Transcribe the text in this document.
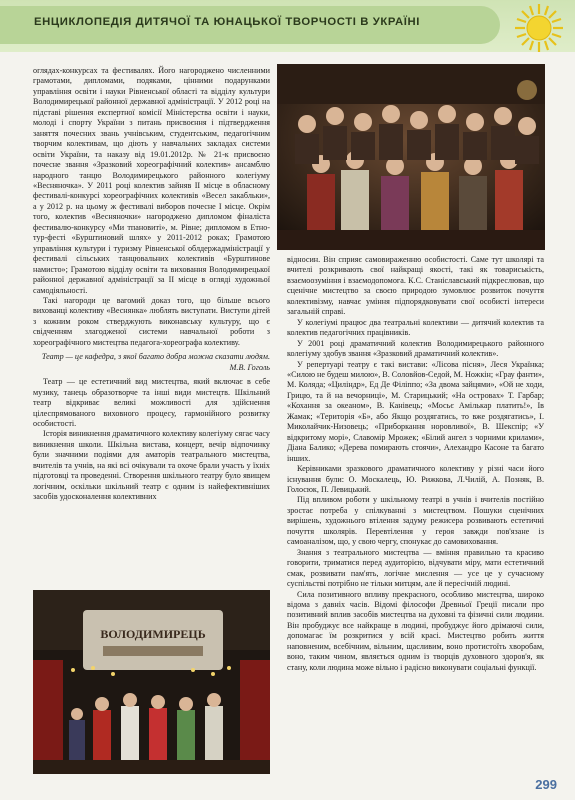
ЕНЦИКЛОПЕДІЯ ДИТЯЧОЇ ТА ЮНАЦЬКОЇ ТВОРЧОСТІ В УКРАЇНІ

оглядах-конкурсах та фестивалях. Його нагороджено численними грамотами, дипломами, подяками, цінними подарунками управління освіти і науки Рівненської області та відділу культури Володимирецької районної державної адміністрації. У 2012 році на підставі рішення експертної комісії Міністерства освіти і науки, молоді і спорту України з питань присвоєння і підтвердження заняття почесних звань учнівським, студентським, педагогічним творчим колективам, що діють у навчальних закладах системи освіти України, та наказу від 19.01.2012р. № 21-к присвоєно почесне звання «Зразковий хореографічний колектив» ансамблю народного танцю Володимирецького районного колегіуму «Весняночка». У 2011 році колектив зайняв ІІ місце в обласному фестивалі-конкурсі хореографічних колективів «Весел закабльки», а у 2012 р. на цьому ж фестивалі виборов почесне І місце. Окрім того, колектив «Весняночки» нагороджено дипломом фіналіста фестивалю-конкурсу «Ми тпановиті», м. Рівне; дипломом в Етно-тур-фесті «Бурштиновий шлях» у 2011-2012 роках; Грамотою управління культури і туризму Рівненської облдержадміністрації у фестивалі сільських танцювальних колективів «Бурштинове намисто»; Грамотою відділу освіти та виховання Володимирецької районної державної адміністрації за ІІ місце в огляді художньої самодіяльності.

Такі нагороди це вагомий доказ того, що більше всього вихованці колективу «Веснянка» люблять виступати. Виступи дітей з кожним роком стверджують виконавську культуру, що є свідченням злагодженої системи навчальної роботи з хореографічного мистецтва педагога-хореографа колективу.

Театр — це кафедра, з якої багато добра можна сказати людям.
М.В. Гоголь

Театр — це естетичний вид мистецтва, який включає в себе музику, танець образотворче та інші види мистецтв. Шкільний театр відкриває великі можливості для здійснення цілеспрямованого виховного процесу, гармонійного розвитку особистості.

Історія виникнення драматичного колективу колегіуму сягає часу виникнення школи. Шкільна вистава, концерт, вечір відпочинку були значними подіями для аматорів театрального мистецтва, вчителів та учнів, на які всі очікували та охоче брали участь у їхніх підготовці та проведенні. Створення шкільного театру було явищем логічним, оскільки шкільний театр є одним із найефективніших засобів удосконалення колективних

відносин. Він сприяє самовираженню особистості. Саме тут школярі та вчителі розкривають свої найкращі якості, такі як товариськість, взаємоозуміння і взаємодопомога. К.С. Станіславський підкреслював, що сценічне мистецтво за своєю природою зумовлює розвиток почуття колективізму, навчає уміння підпорядковувати свої особисті інтереси загальній справі.

У колегіумі працює два театральні колективи — дитячий колектив та колектив педагогічних працівників.

У 2001 році драматичний колектив Володимирецького районного колегіуму здобув звання «Зразковий драматичний колектив».

У репертуарі театру є такі вистави: «Лісова пісня», Леся Українка; «Силою не будеш милою», В. Соловйов-Седой, М. Ножкін; «Грау фанти», М. Коляда; «Циліндр», Ед Де Філіппо; «За двома зайцями», «Ой не ходи, Грицю, та й на вечорниці», М. Старицький; «На островах» Т. Гарбар; «Кохання за океаном», В. Канівець; «Мосьє Амількар платить!», Ів Жамак; «Територія «Б», або Якщо роздягатись, то вже роздягатись», І. Миколайчик-Низовець; «Приборкання норовливої», В. Шекспір; «У відкритому морі», Славомір Мрожек; «Білий ангел з чорними крилами», Діана Балико; «Дерева помирають стоячи», Алехандро Касоне та багато інших.

Керівниками зразкового драматичного колективу у різні часи його існування були: О. Москалець, Ю. Рижкова, Л.Чилій, А. Позняк, В. Голосюк, П. Левицький.

Під впливом роботи у шкільному театрі в учнів і вчителів постійно зростає потреба у спілкуванні з мистецтвом. Пошуки сценічних вирішень, художнього втілення задуму режисера розвивають естетичні почуття школярів. Перевтілення у героя завжди пов'язане із самоаналізом, що, у свою чергу, спонукає до самовиховання.

Знання з театрального мистецтва — вміння правильно та красиво говорити, триматися перед аудиторією, відчувати міру, мати естетичний смак, розвивати пам'ять, логічне мислення — усе це у сучасному суспільстві потрібно не тільки митцям, але й пересічній людині.

Сила позитивного впливу прекрасного, особливо мистецтва, широко відома з давніх часів. Відомі філософи Древньої Греції писали про позитивний вплив засобів мистецтва на духовні та фізичні сили людини. Він пробуджує все найкраще в людині, пробуджує його дрімаючі сили, допомагає їм розкритися у всій красі. Мистецтво робить життя наповненим, всебічним, вільним, щасливим, воно протистоїть хворобам, воно, таким чином, являється одним із творців духовного здоров'я, як стану, коли людина може вільно і радісно виконувати соціальні функції.

ВОЛОДИМИРЕЦЬ
299
